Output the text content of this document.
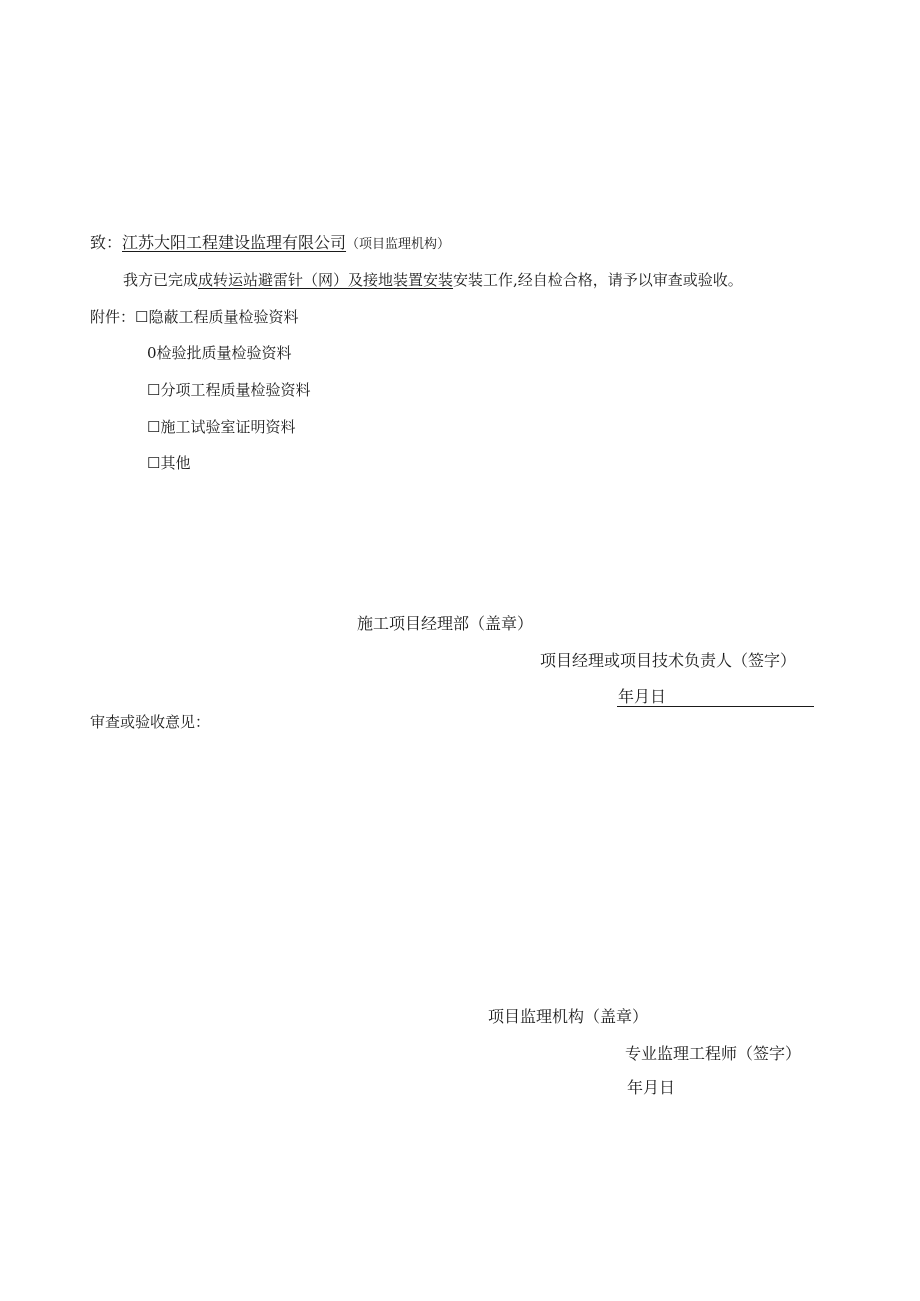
致：江苏大阳工程建设监理有限公司（项目监理机构）
我方已完成成转运站避雷针（网）及接地装置安装安装工作,经自检合格，请予以审查或验收。
附件：☐隐蔽工程质量检验资料
0检验批质量检验资料
☐分项工程质量检验资料
☐施工试验室证明资料
☐其他
施工项目经理部（盖章）
项目经理或项目技术负责人（签字）
年月日
审查或验收意见：
项目监理机构（盖章）
专业监理工程师（签字）
年月日
